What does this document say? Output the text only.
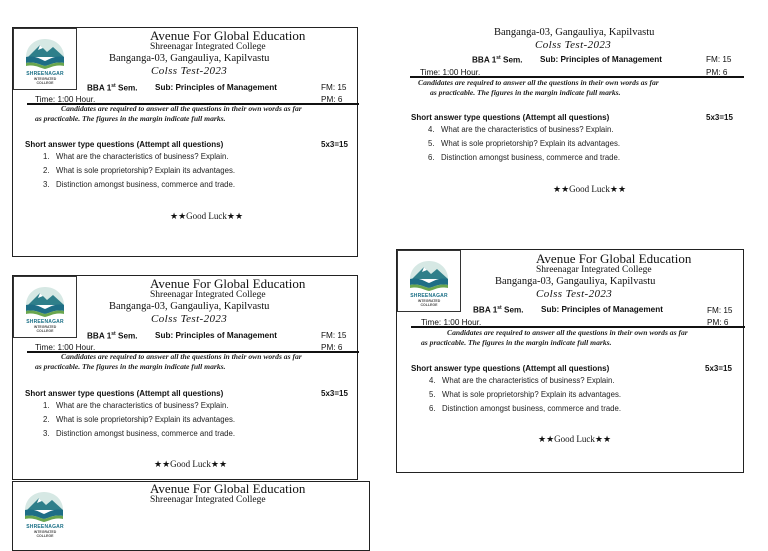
SHREENAGAR
INTEGRATED
COLLEGE
Avenue For Global Education
Shreenagar Integrated College
Banganga-03, Gangauliya, Kapilvastu
Colss Test-2023
BBA 1st Sem. Sub: Principles of Management	FM: 15
Time: 1:00 Hour.	PM: 6
Candidates are required to answer all the questions in their own words as far
as practicable. The figures in the margin indicate full marks.
Short answer type questions (Attempt all questions)	5x3=15
1. What are the characteristics of business? Explain.
2. What is sole proprietorship? Explain its advantages.
3. Distinction amongst business, commerce and trade.
★★Good Luck★★
Banganga-03, Gangauliya, Kapilvastu
Colss Test-2023
BBA 1st Sem. Sub: Principles of Management	FM: 15
Time: 1:00 Hour.	PM: 6
Candidates are required to answer all the questions in their own words as far
as practicable. The figures in the margin indicate full marks.
Short answer type questions (Attempt all questions)	5x3=15
4. What are the characteristics of business? Explain.
5. What is sole proprietorship? Explain its advantages.
6. Distinction amongst business, commerce and trade.
★★Good Luck★★
SHREENAGAR
INTEGRATED
COLLEGE
Avenue For Global Education
Shreenagar Integrated College
Banganga-03, Gangauliya, Kapilvastu
Colss Test-2023
BBA 1st Sem. Sub: Principles of Management	FM: 15
Time: 1:00 Hour.	PM: 6
Candidates are required to answer all the questions in their own words as far
as practicable. The figures in the margin indicate full marks.
Short answer type questions (Attempt all questions)	5x3=15
1. What are the characteristics of business? Explain.
2. What is sole proprietorship? Explain its advantages.
3. Distinction amongst business, commerce and trade.
★★Good Luck★★
SHREENAGAR
INTEGRATED
COLLEGE
Avenue For Global Education
Shreenagar Integrated College
SHREENAGAR
INTEGRATED
COLLEGE
Avenue For Global Education
Shreenagar Integrated College
Banganga-03, Gangauliya, Kapilvastu
Colss Test-2023
BBA 1st Sem. Sub: Principles of Management	FM: 15
Time: 1:00 Hour.	PM: 6
Candidates are required to answer all the questions in their own words as far
as practicable. The figures in the margin indicate full marks.
Short answer type questions (Attempt all questions)	5x3=15
4. What are the characteristics of business? Explain.
5. What is sole proprietorship? Explain its advantages.
6. Distinction amongst business, commerce and trade.
★★Good Luck★★
